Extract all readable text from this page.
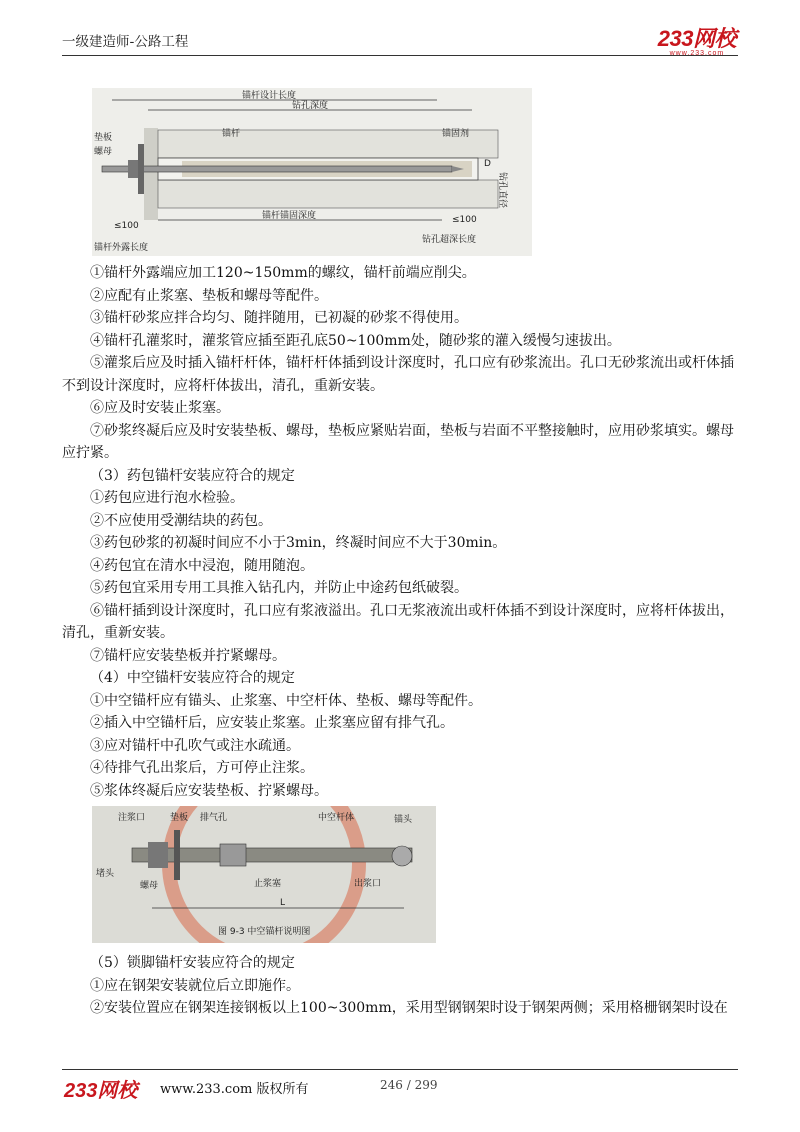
一级建造师-公路工程	233网校
www.233.com
锚杆设计长度
钻孔深度
垫板
螺母
锚杆	锚固剂
D
钻孔直径
锚杆锚固深度
≤100
≤100
锚杆外露长度
钻孔超深长度

①锚杆外露端应加工120~150mm的螺纹，锚杆前端应削尖。

②应配有止浆塞、垫板和螺母等配件。

③锚杆砂浆应拌合均匀、随拌随用，已初凝的砂浆不得使用。

④锚杆孔灌浆时，灌浆管应插至距孔底50~100mm处，随砂浆的灌入缓慢匀速拔出。

⑤灌浆后应及时插入锚杆杆体，锚杆杆体插到设计深度时，孔口应有砂浆流出。孔口无砂浆流出或杆体插不到设计深度时，应将杆体拔出，清孔，重新安装。

⑥应及时安装止浆塞。

⑦砂浆终凝后应及时安装垫板、螺母，垫板应紧贴岩面，垫板与岩面不平整接触时，应用砂浆填实。螺母应拧紧。

（3）药包锚杆安装应符合的规定

①药包应进行泡水检验。

②不应使用受潮结块的药包。

③药包砂浆的初凝时间应不小于3min，终凝时间应不大于30min。

④药包宜在清水中浸泡，随用随泡。

⑤药包宜采用专用工具推入钻孔内，并防止中途药包纸破裂。

⑥锚杆插到设计深度时，孔口应有浆液溢出。孔口无浆液流出或杆体插不到设计深度时，应将杆体拔出，清孔，重新安装。

⑦锚杆应安装垫板并拧紧螺母。

（4）中空锚杆安装应符合的规定

①中空锚杆应有锚头、止浆塞、中空杆体、垫板、螺母等配件。

②插入中空锚杆后，应安装止浆塞。止浆塞应留有排气孔。

③应对锚杆中孔吹气或注水疏通。

④待排气孔出浆后，方可停止注浆。

⑤浆体终凝后应安装垫板、拧紧螺母。

注浆口	垫板 排气孔	中空杆体	锚头
堵头
螺母	止浆塞	出浆口
L
图 9-3 中空锚杆说明图

（5）锁脚锚杆安装应符合的规定

①应在钢架安装就位后立即施作。

②安装位置应在钢架连接钢板以上100~300mm，采用型钢钢架时设于钢架两侧；采用格栅钢架时设在

233网校 www.233.com 版权所有	246 / 299
